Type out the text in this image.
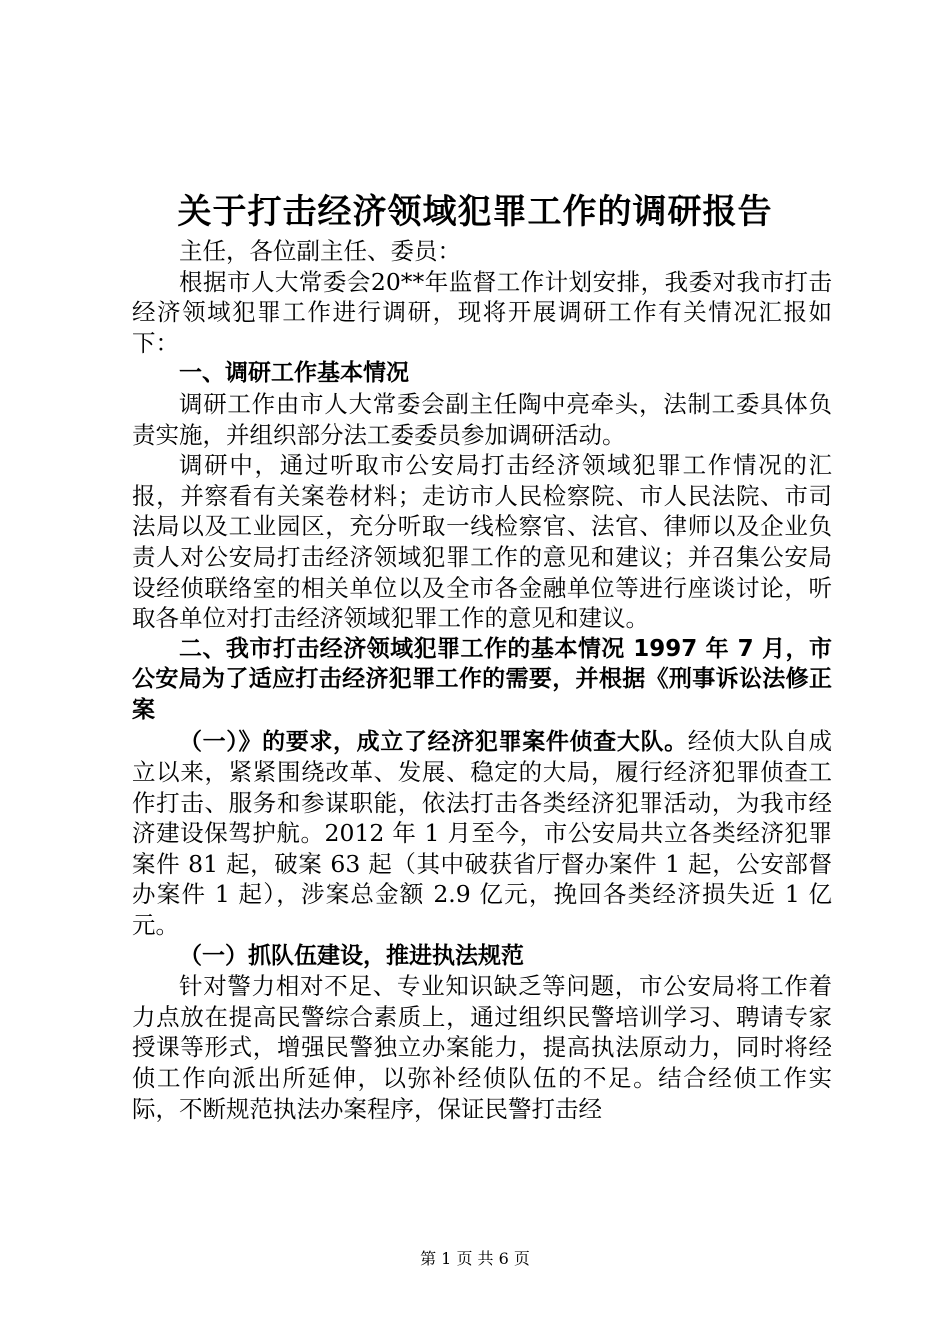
关于打击经济领域犯罪工作的调研报告

主任，各位副主任、委员：

根据市人大常委会20**年监督工作计划安排，我委对我市打击经济领域犯罪工作进行调研，现将开展调研工作有关情况汇报如下：

一、调研工作基本情况

调研工作由市人大常委会副主任陶中亮牵头，法制工委具体负责实施，并组织部分法工委委员参加调研活动。

调研中，通过听取市公安局打击经济领域犯罪工作情况的汇报，并察看有关案卷材料；走访市人民检察院、市人民法院、市司法局以及工业园区，充分听取一线检察官、法官、律师以及企业负责人对公安局打击经济领域犯罪工作的意见和建议；并召集公安局设经侦联络室的相关单位以及全市各金融单位等进行座谈讨论，听取各单位对打击经济领域犯罪工作的意见和建议。

二、我市打击经济领域犯罪工作的基本情况 1997 年 7 月，市公安局为了适应打击经济犯罪工作的需要，并根据《刑事诉讼法修正案

（一）》的要求，成立了经济犯罪案件侦查大队。经侦大队自成立以来，紧紧围绕改革、发展、稳定的大局，履行经济犯罪侦查工作打击、服务和参谋职能，依法打击各类经济犯罪活动，为我市经济建设保驾护航。2012 年 1 月至今，市公安局共立各类经济犯罪案件 81 起，破案 63 起（其中破获省厅督办案件 1 起，公安部督办案件 1 起），涉案总金额 2.9 亿元，挽回各类经济损失近 1 亿元。

（一）抓队伍建设，推进执法规范

针对警力相对不足、专业知识缺乏等问题，市公安局将工作着力点放在提高民警综合素质上，通过组织民警培训学习、聘请专家授课等形式，增强民警独立办案能力，提高执法原动力，同时将经侦工作向派出所延伸，以弥补经侦队伍的不足。结合经侦工作实际，不断规范执法办案程序，保证民警打击经

第 1 页 共 6 页
